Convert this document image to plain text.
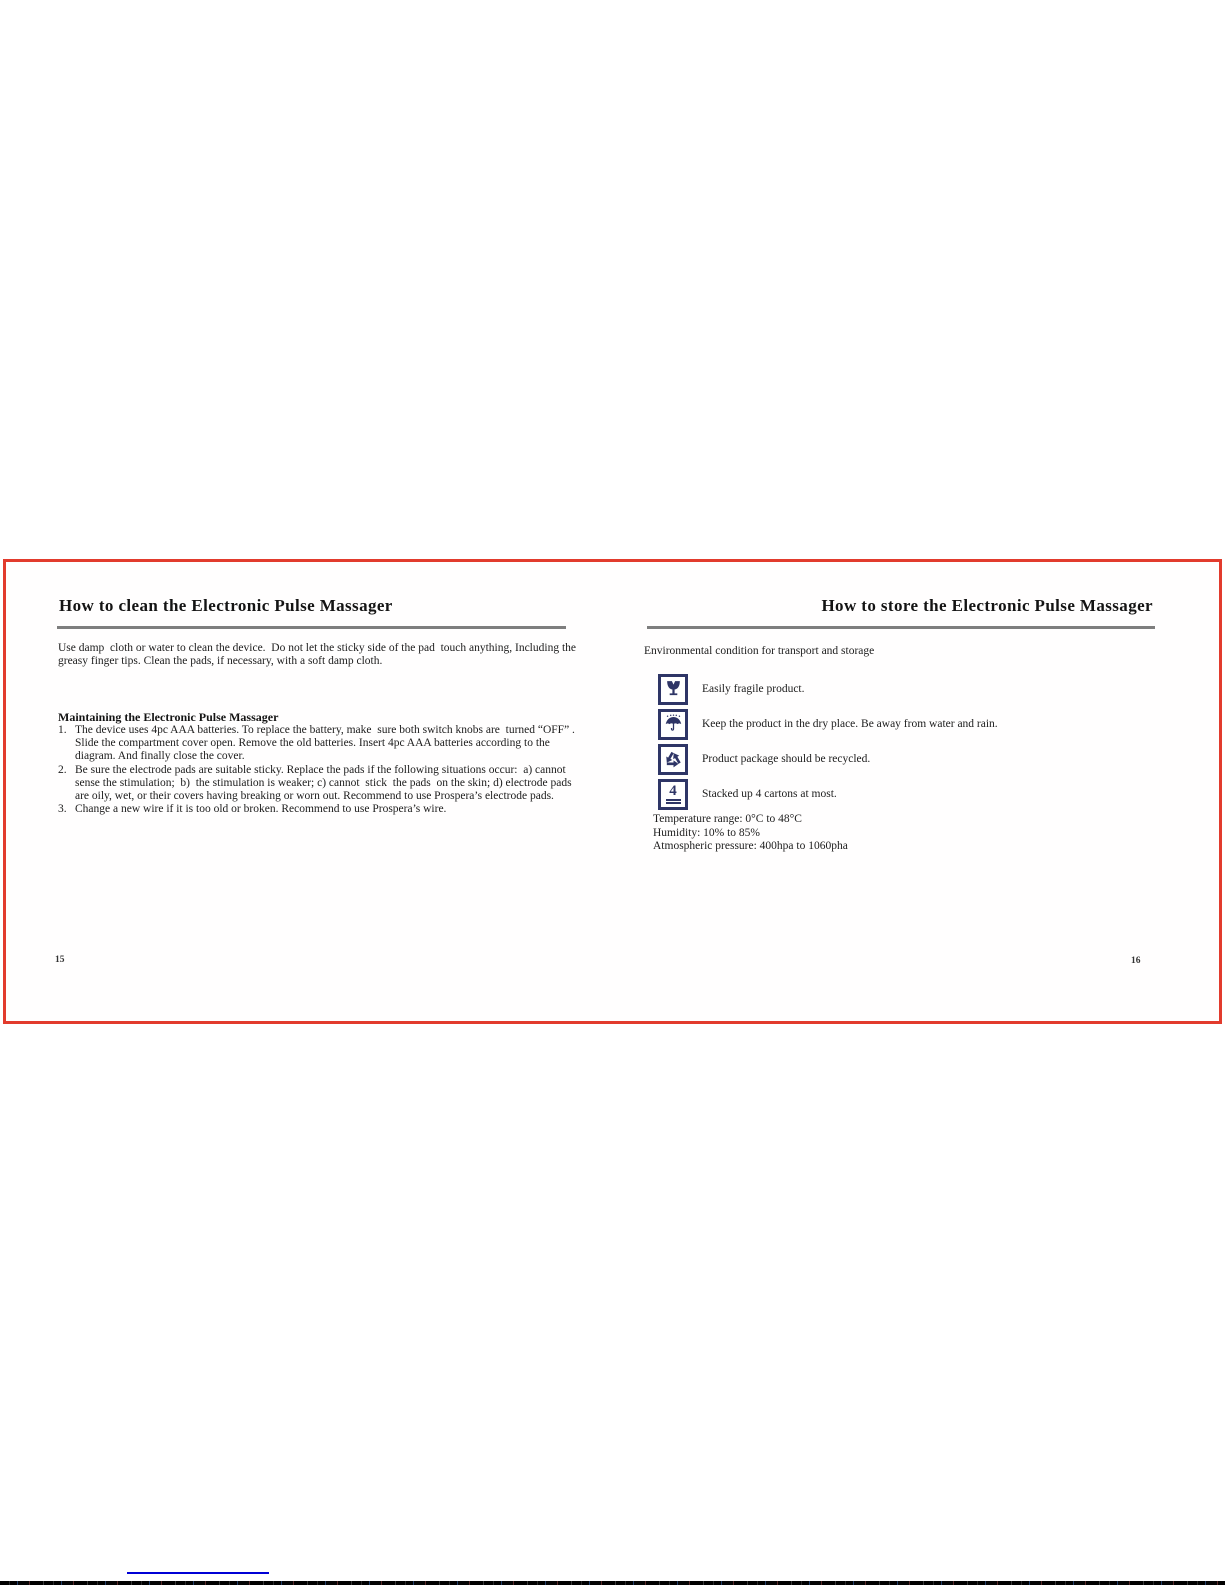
How to clean the Electronic Pulse Massager
Use damp  cloth or water to clean the device.  Do not let the sticky side of the pad  touch anything, Including the greasy finger tips. Clean the pads, if necessary, with a soft damp cloth.
Maintaining the Electronic Pulse Massager
1. The device uses 4pc AAA batteries. To replace the battery, make  sure both switch knobs are  turned “OFF” . Slide the compartment cover open. Remove the old batteries. Insert 4pc AAA batteries according to the diagram. And finally close the cover.
2. Be sure the electrode pads are suitable sticky. Replace the pads if the following situations occur:  a) cannot sense the stimulation;  b)  the stimulation is weaker; c) cannot  stick  the pads  on the skin; d) electrode pads are oily, wet, or their covers having breaking or worn out. Recommend to use Prospera’s electrode pads.
3. Change a new wire if it is too old or broken. Recommend to use Prospera’s wire.
15
How to store the Electronic Pulse Massager
Environmental condition for transport and storage
Easily fragile product.
Keep the product in the dry place. Be away from water and rain.
Product package should be recycled.
4 Stacked up 4 cartons at most.
Temperature range: 0°C to 48°C
Humidity: 10% to 85%
Atmospheric pressure: 400hpa to 1060pha
16
